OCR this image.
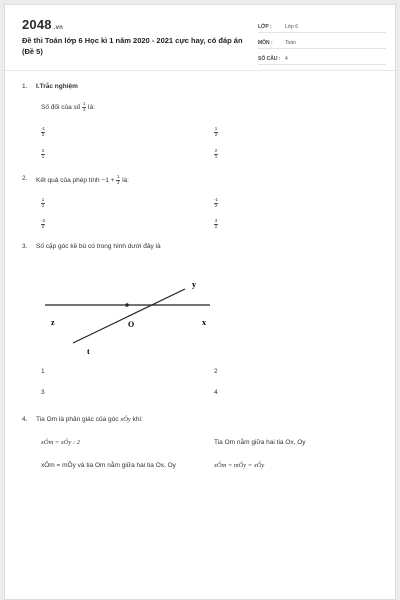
2048 .vn
Đề thi Toán lớp 6 Học kì 1 năm 2020 - 2021 cực hay, có đáp án (Đề 5)
LỚP :	Lớp 6
MÔN :	Toán
SỐ CÂU : 4
1. I.Trắc nghiệm
Số đối của số $\frac{1}{2}$ là:
$\frac{-1}{2}$	$\frac{1}{2}$
$\frac{2}{1}$	$\frac{2}{1}$
2. Kết quả của phép tính $-1 + \frac{1}{2}$ là:
$\frac{1}{2}$	$\frac{-1}{2}$
$\frac{-3}{2}$	$\frac{3}{2}$
3. Số cặp góc kề bù có trong hình dưới đây là
y
z	O	x
t
1	2
3	4
4. Tia Om là phân giác của góc xÔy khi:
xÔm = xÔy : 2	Tia Om nằm giữa hai tia Ox, Oy
xÔm = mÔy và tia Om nằm giữa hai tia Ox, Oy	xÔm = mÔy = xÔy
